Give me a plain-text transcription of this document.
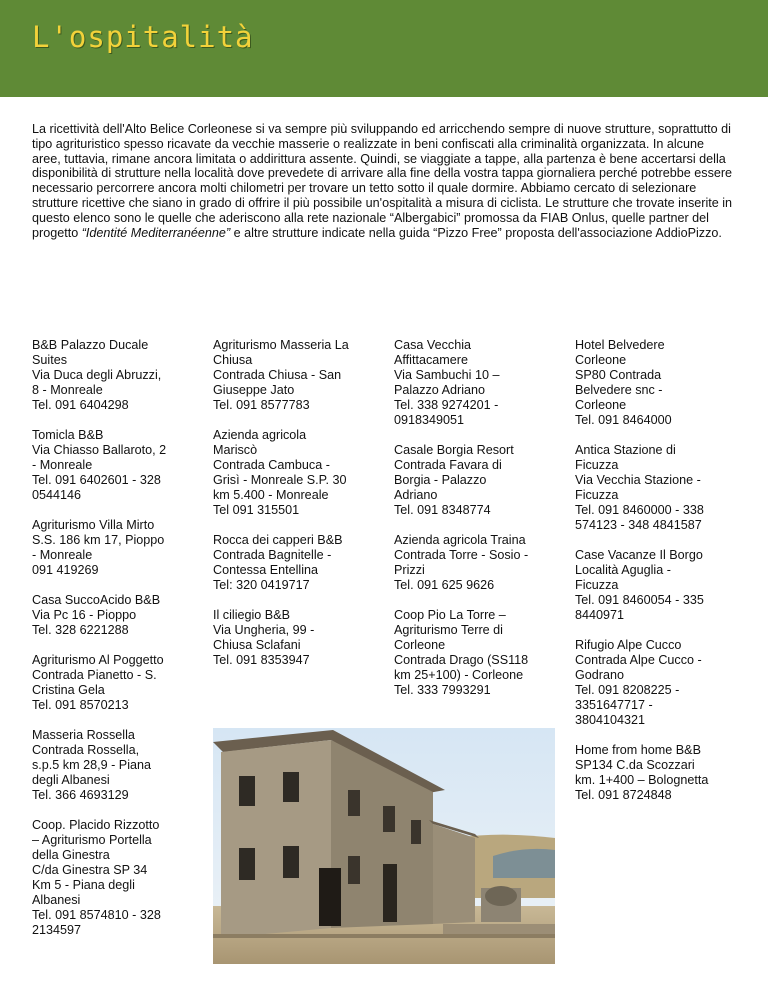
L'ospitalità
La ricettività dell'Alto Belice Corleonese si va sempre più sviluppando ed arricchendo sempre di nuove strutture, soprattutto di tipo agrituristico spesso ricavate da vecchie masserie o realizzate in beni confiscati alla criminalità organizzata. In alcune aree, tuttavia, rimane ancora limitata o addirittura assente. Quindi, se viaggiate a tappe, alla partenza è bene accertarsi della disponibilità di strutture nella località dove prevedete di arrivare alla fine della vostra tappa giornaliera perché potrebbe essere necessario percorrere ancora molti chilometri per trovare un tetto sotto il quale dormire. Abbiamo cercato di selezionare strutture ricettive che siano in grado di offrire il più possibile un'ospitalità a misura di ciclista. Le strutture che trovate inserite in questo elenco sono le quelle che aderiscono alla rete nazionale “Albergabici” promossa da FIAB Onlus, quelle partner del progetto “Identité Mediterranéenne” e altre strutture indicate nella guida “Pizzo Free” proposta dell'associazione AddioPizzo.
B&B Palazzo Ducale
Suites
Via Duca degli Abruzzi,
8 - Monreale
Tel. 091 6404298
Tomicla B&B
Via Chiasso Ballaroto, 2
- Monreale
Tel. 091 6402601 - 328
0544146
Agriturismo Villa Mirto
S.S. 186 km 17, Pioppo
- Monreale
091 419269
Casa SuccoAcido B&B
Via Pc 16 - Pioppo
Tel. 328 6221288
Agriturismo Al Poggetto
Contrada Pianetto - S.
Cristina Gela
Tel. 091 8570213
Masseria Rossella
Contrada Rossella,
s.p.5 km 28,9 - Piana
degli Albanesi
Tel. 366 4693129
Coop. Placido Rizzotto
– Agriturismo Portella
della Ginestra
C/da Ginestra SP 34
Km 5 - Piana degli
Albanesi
Tel. 091 8574810 - 328
2134597
Agriturismo Masseria La
Chiusa
Contrada Chiusa - San
Giuseppe Jato
Tel. 091 8577783
Azienda agricola
Mariscò
Contrada Cambuca -
Grisì - Monreale S.P. 30
km 5.400 - Monreale
Tel 091 315501
Rocca dei capperi B&B
Contrada Bagnitelle -
Contessa Entellina
Tel: 320 0419717
Il ciliegio B&B
Via Ungheria, 99 -
Chiusa Sclafani
Tel. 091 8353947
Casa Vecchia
Affittacamere
Via Sambuchi 10 –
Palazzo Adriano
Tel. 338 9274201 -
0918349051
Casale Borgia Resort
Contrada Favara di
Borgia - Palazzo
Adriano
Tel. 091 8348774
Azienda agricola Traina
Contrada Torre - Sosio -
Prizzi
Tel. 091 625 9626
Coop Pio La Torre –
Agriturismo Terre di
Corleone
Contrada Drago (SS118
km 25+100) - Corleone
Tel. 333 7993291
Hotel Belvedere
Corleone
SP80 Contrada
Belvedere snc -
Corleone
Tel. 091 8464000
Antica Stazione di
Ficuzza
Via Vecchia Stazione -
Ficuzza
Tel. 091 8460000 - 338
574123 - 348 4841587
Case Vacanze Il Borgo
Località Aguglia -
Ficuzza
Tel. 091 8460054 - 335
8440971
Rifugio Alpe Cucco
Contrada Alpe Cucco -
Godrano
Tel. 091 8208225 -
3351647717 -
3804104321
Home from home B&B
SP134 C.da Scozzari
km. 1+400 – Bolognetta
Tel. 091 8724848
